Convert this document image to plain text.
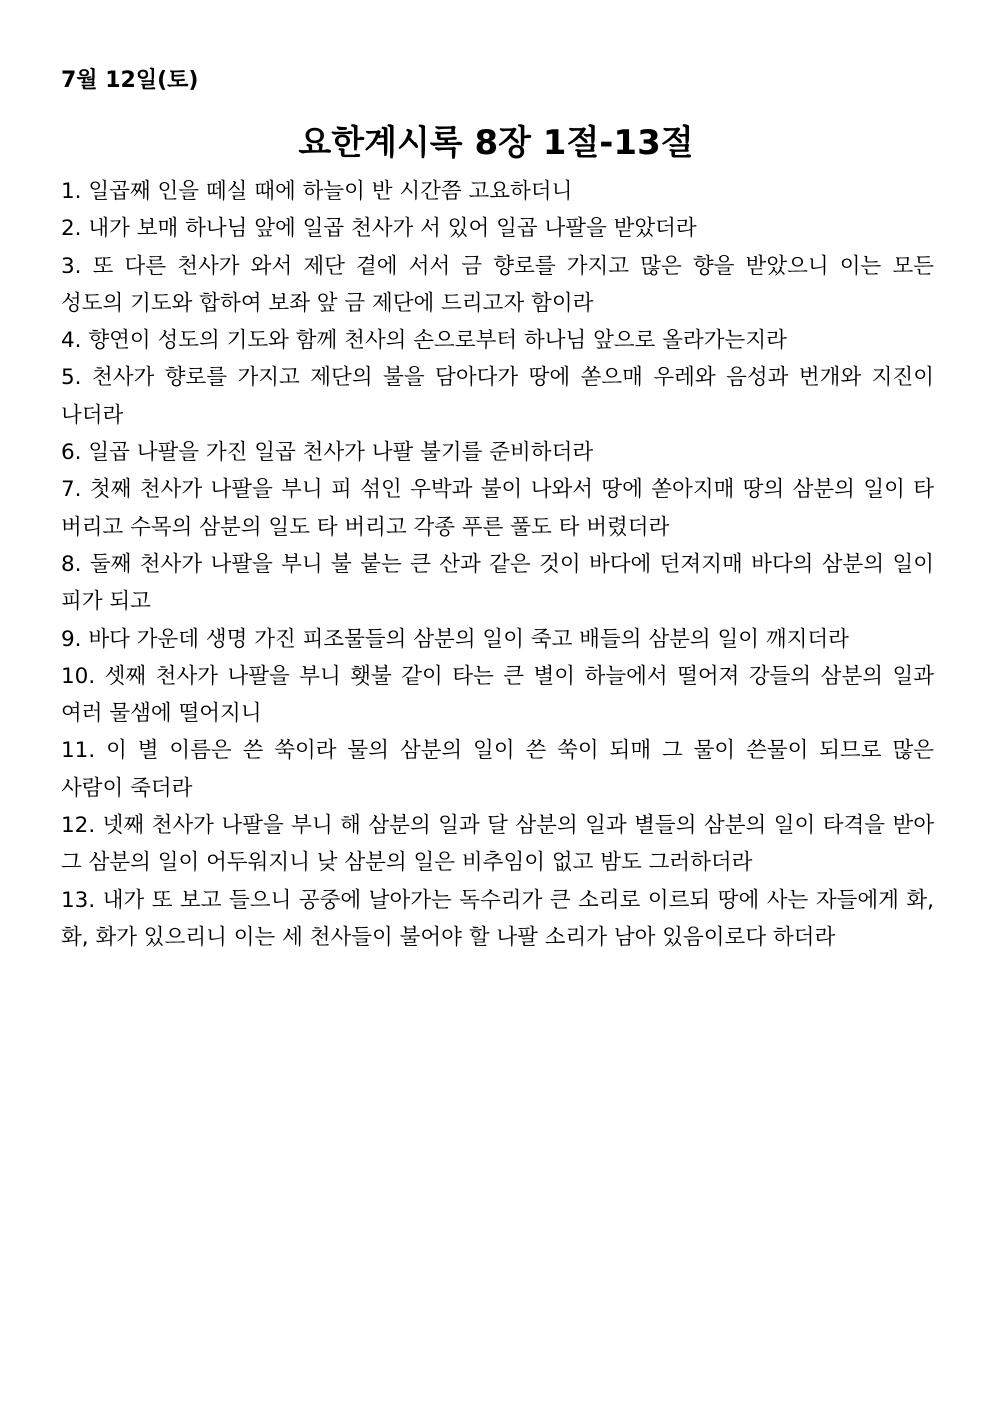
7월 12일(토)
요한계시록 8장 1절-13절
1. 일곱째 인을 떼실 때에 하늘이 반 시간쯤 고요하더니
2. 내가 보매 하나님 앞에 일곱 천사가 서 있어 일곱 나팔을 받았더라
3. 또 다른 천사가 와서 제단 곁에 서서 금 향로를 가지고 많은 향을 받았으니 이는 모든 성도의 기도와 합하여 보좌 앞 금 제단에 드리고자 함이라
4. 향연이 성도의 기도와 함께 천사의 손으로부터 하나님 앞으로 올라가는지라
5. 천사가 향로를 가지고 제단의 불을 담아다가 땅에 쏟으매 우레와 음성과 번개와 지진이 나더라
6. 일곱 나팔을 가진 일곱 천사가 나팔 불기를 준비하더라
7. 첫째 천사가 나팔을 부니 피 섞인 우박과 불이 나와서 땅에 쏟아지매 땅의 삼분의 일이 타 버리고 수목의 삼분의 일도 타 버리고 각종 푸른 풀도 타 버렸더라
8. 둘째 천사가 나팔을 부니 불 붙는 큰 산과 같은 것이 바다에 던져지매 바다의 삼분의 일이 피가 되고
9. 바다 가운데 생명 가진 피조물들의 삼분의 일이 죽고 배들의 삼분의 일이 깨지더라
10. 셋째 천사가 나팔을 부니 횃불 같이 타는 큰 별이 하늘에서 떨어져 강들의 삼분의 일과 여러 물샘에 떨어지니
11. 이 별 이름은 쓴 쑥이라 물의 삼분의 일이 쓴 쑥이 되매 그 물이 쓴물이 되므로 많은 사람이 죽더라
12. 넷째 천사가 나팔을 부니 해 삼분의 일과 달 삼분의 일과 별들의 삼분의 일이 타격을 받아 그 삼분의 일이 어두워지니 낮 삼분의 일은 비추임이 없고 밤도 그러하더라
13. 내가 또 보고 들으니 공중에 날아가는 독수리가 큰 소리로 이르되 땅에 사는 자들에게 화, 화, 화가 있으리니 이는 세 천사들이 불어야 할 나팔 소리가 남아 있음이로다 하더라
